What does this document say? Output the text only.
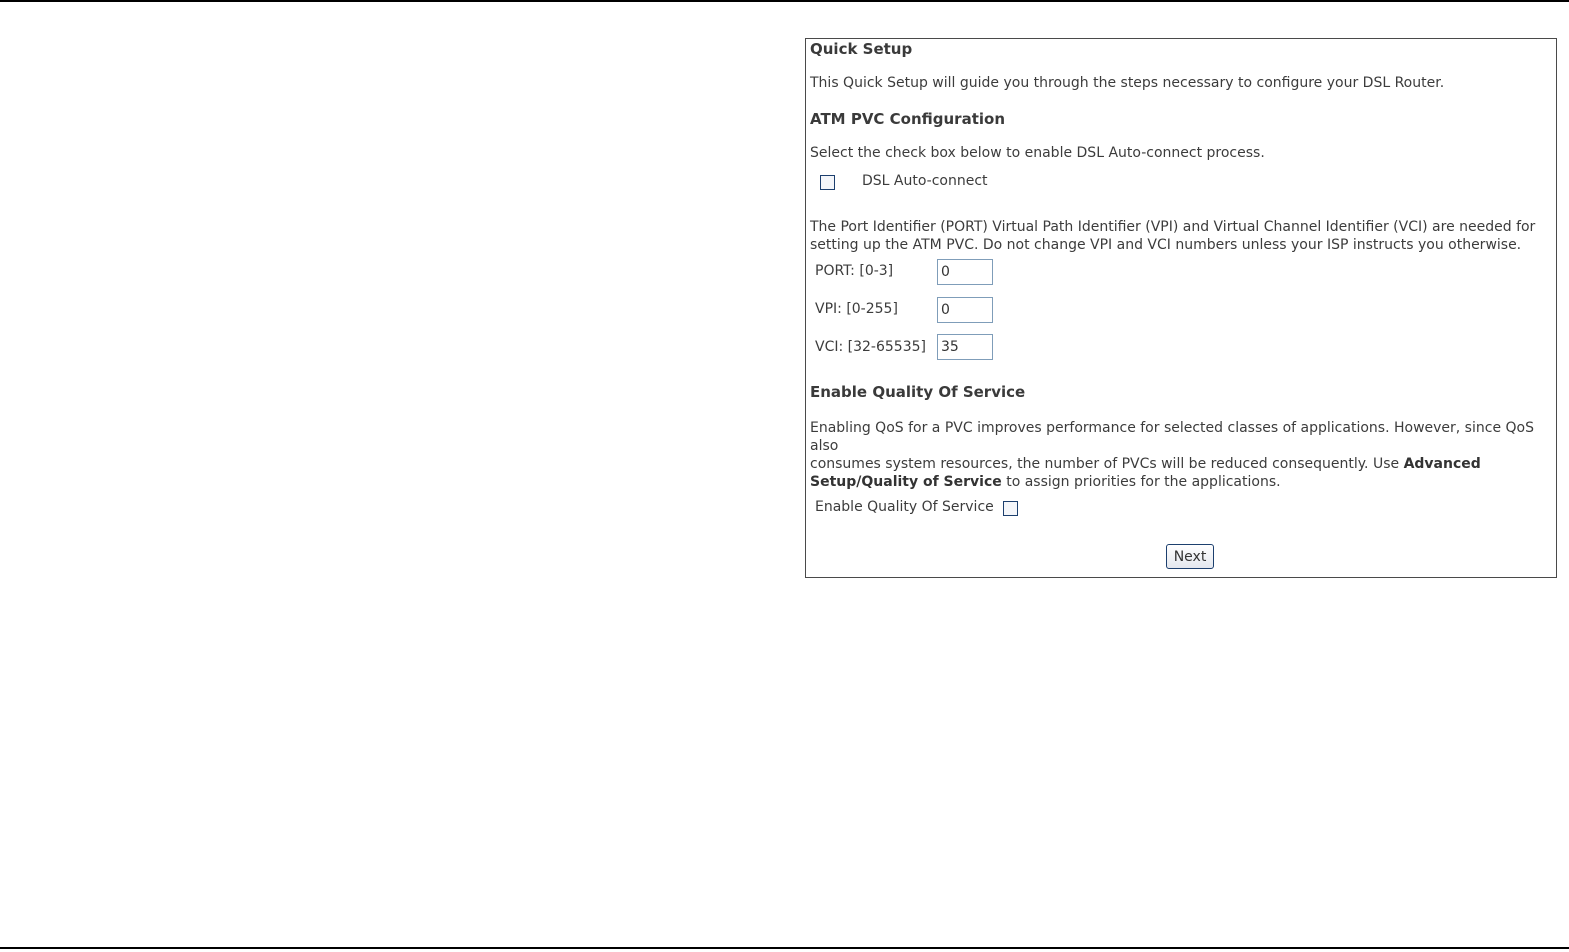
Quick Setup
This Quick Setup will guide you through the steps necessary to configure your DSL Router.
ATM PVC Configuration
Select the check box below to enable DSL Auto-connect process.
DSL Auto-connect
The Port Identifier (PORT) Virtual Path Identifier (VPI) and Virtual Channel Identifier (VCI) are needed for
setting up the ATM PVC. Do not change VPI and VCI numbers unless your ISP instructs you otherwise.
PORT: [0-3]
0
VPI: [0-255]
0
VCI: [32-65535]
35
Enable Quality Of Service
Enabling QoS for a PVC improves performance for selected classes of applications. However, since QoS also
consumes system resources, the number of PVCs will be reduced consequently. Use Advanced
Setup/Quality of Service to assign priorities for the applications.
Enable Quality Of Service
Next
